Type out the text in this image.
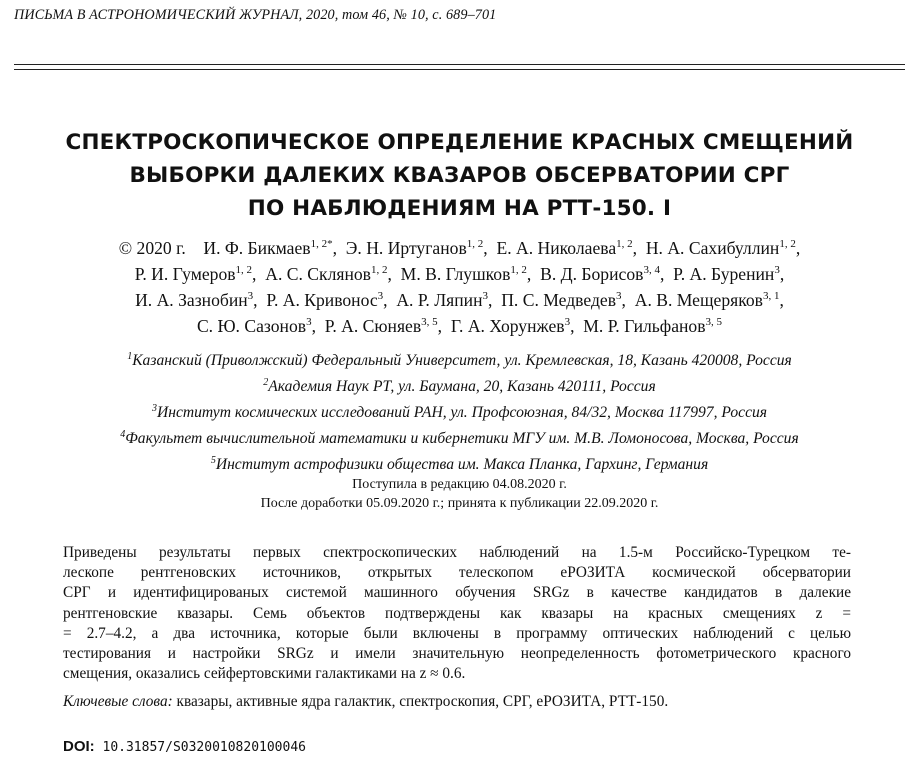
ПИСЬМА В АСТРОНОМИЧЕСКИЙ ЖУРНАЛ, 2020, том 46, № 10, с. 689–701
СПЕКТРОСКОПИЧЕСКОЕ ОПРЕДЕЛЕНИЕ КРАСНЫХ СМЕЩЕНИЙ
ВЫБОРКИ ДАЛЕКИХ КВАЗАРОВ ОБСЕРВАТОРИИ СРГ
ПО НАБЛЮДЕНИЯМ НА РТТ-150. I
© 2020 г. И. Ф. Бикмаев$^{1, 2*}$,  Э. Н. Иртуганов$^{1, 2}$,  Е. А. Николаева$^{1, 2}$,  Н. А. Сахибуллин$^{1, 2}$,
Р. И. Гумеров$^{1, 2}$,  А. С. Склянов$^{1, 2}$,  М. В. Глушков$^{1, 2}$,  В. Д. Борисов$^{3, 4}$,  Р. А. Буренин$^3$,
И. А. Зазнобин$^3$,  Р. А. Кривонос$^3$,  А. Р. Ляпин$^3$,  П. С. Медведев$^3$,  А. В. Мещеряков$^{3, 1}$,
С. Ю. Сазонов$^3$,  Р. А. Сюняев$^{3, 5}$,  Г. А. Хорунжев$^3$,  М. Р. Гильфанов$^{3, 5}$
$^1$Казанский (Приволжский) Федеральный Университет, ул. Кремлевская, 18, Казань 420008, Россия
$^2$Академия Наук РТ, ул. Баумана, 20, Казань 420111, Россия
$^3$Институт космических исследований РАН, ул. Профсоюзная, 84/32, Москва 117997, Россия
$^4$Факультет вычислительной математики и кибернетики МГУ им. М.В. Ломоносова, Москва, Россия
$^5$Институт астрофизики общества им. Макса Планка, Гархинг, Германия
Поступила в редакцию 04.08.2020 г.
После доработки 05.09.2020 г.; принята к публикации 22.09.2020 г.
Приведены результаты первых спектроскопических наблюдений на 1.5-м Российско-Турецком те-
лескопе рентгеновских источников, открытых телескопом еРОЗИТА космической обсерватории
СРГ и идентифицированых системой машинного обучения SRGz в качестве кандидатов в далекие
рентгеновские квазары. Семь объектов подтверждены как квазары на красных смещениях z =
= 2.7–4.2, а два источника, которые были включены в программу оптических наблюдений с целью
тестирования и настройки SRGz и имели значительную неопределенность фотометрического красного
смещения, оказались сейфертовскими галактиками на z ≈ 0.6.
Ключевые слова: квазары, активные ядра галактик, спектроскопия, СРГ, еРОЗИТА, РТТ-150.
DOI: 10.31857/S0320010820100046
